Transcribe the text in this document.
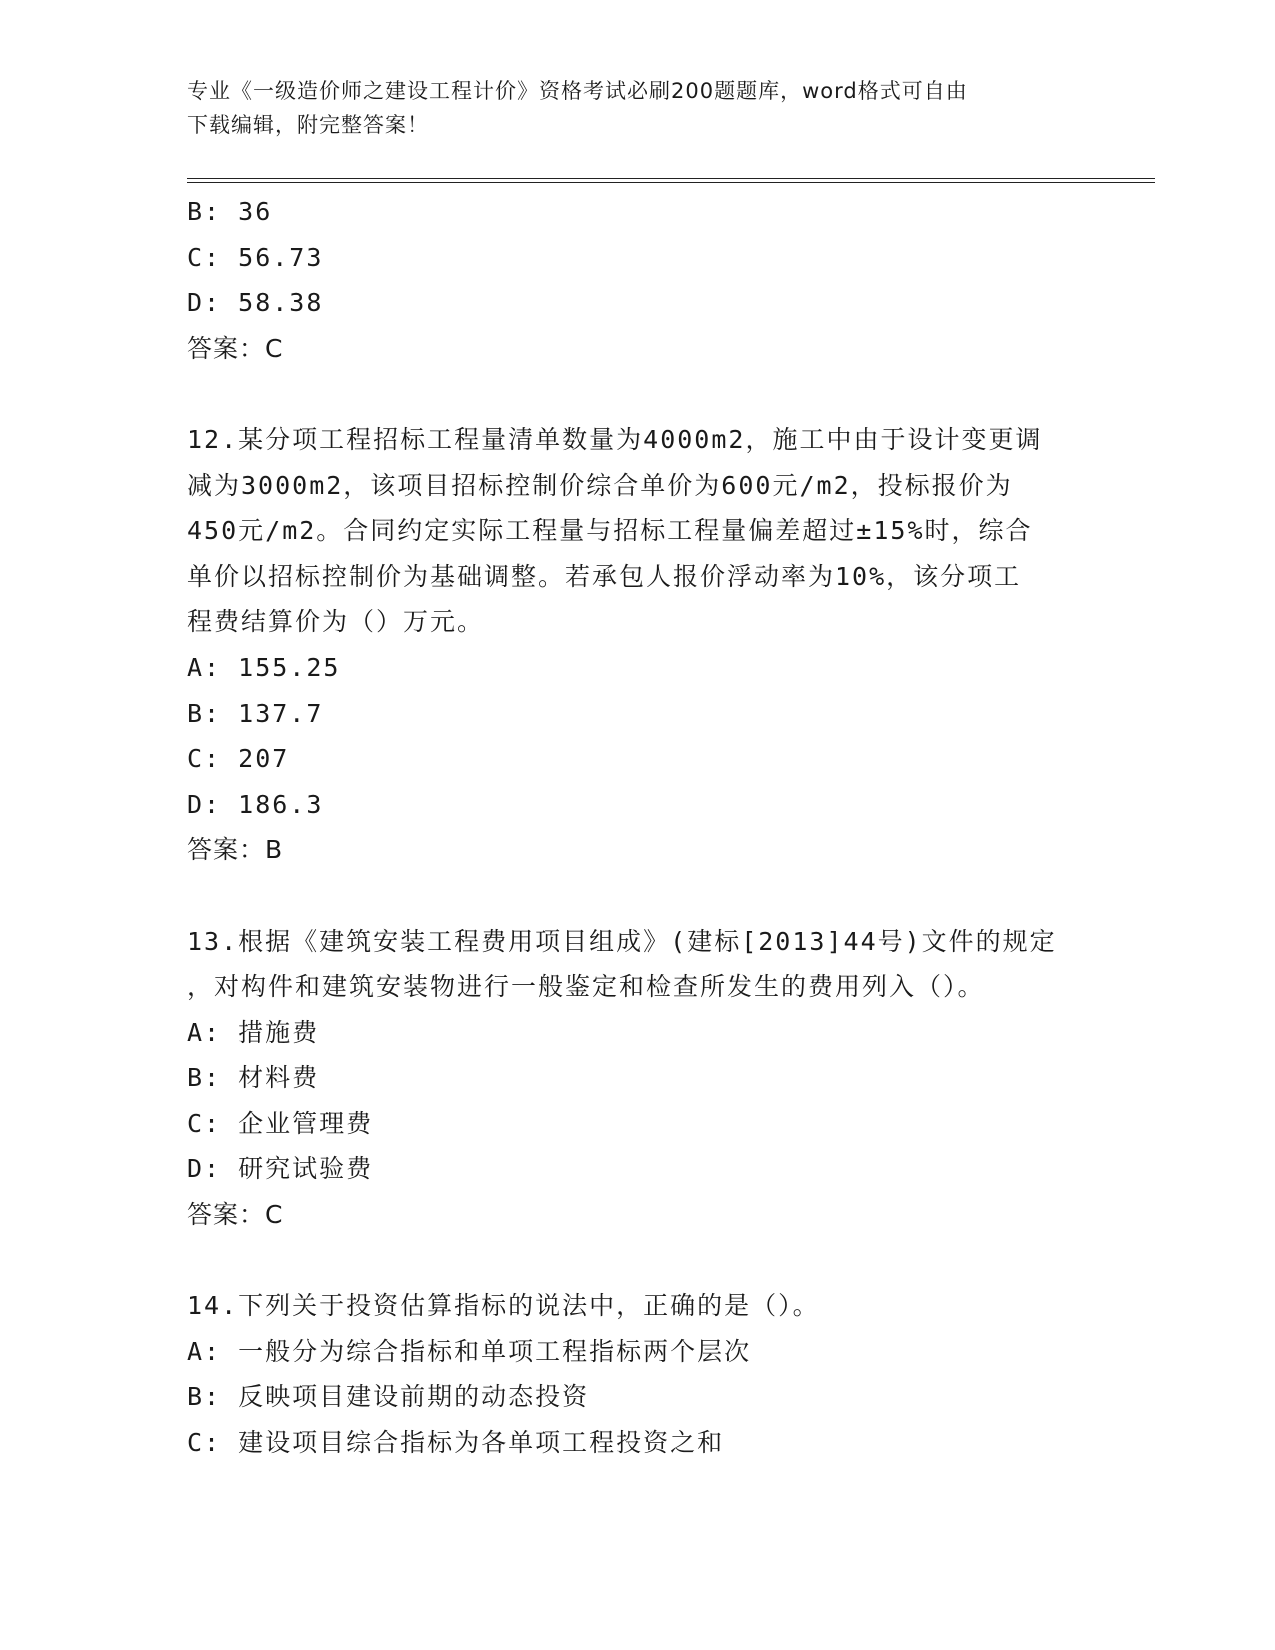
专业《一级造价师之建设工程计价》资格考试必刷200题题库，word格式可自由
下载编辑，附完整答案！
B: 36
C: 56.73
D: 58.38
答案：C
12.某分项工程招标工程量清单数量为4000m2，施工中由于设计变更调
减为3000m2，该项目招标控制价综合单价为600元/m2，投标报价为
450元/m2。合同约定实际工程量与招标工程量偏差超过±15%时，综合
单价以招标控制价为基础调整。若承包人报价浮动率为10%，该分项工
程费结算价为（）万元。
A: 155.25
B: 137.7
C: 207
D: 186.3
答案：B
13.根据《建筑安装工程费用项目组成》(建标[2013]44号)文件的规定
，对构件和建筑安装物进行一般鉴定和检查所发生的费用列入（）。
A: 措施费
B: 材料费
C: 企业管理费
D: 研究试验费
答案：C
14.下列关于投资估算指标的说法中，正确的是（）。
A: 一般分为综合指标和单项工程指标两个层次
B: 反映项目建设前期的动态投资
C: 建设项目综合指标为各单项工程投资之和
